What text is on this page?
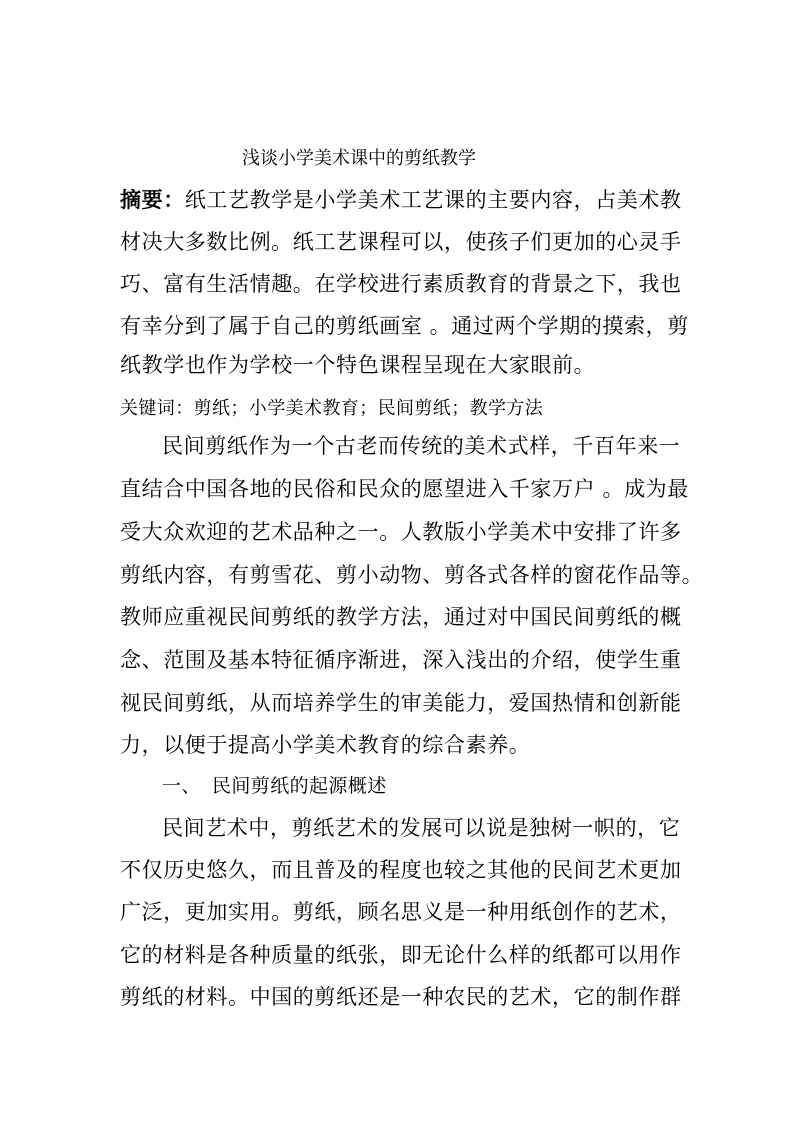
浅谈小学美术课中的剪纸教学
摘要：纸工艺教学是小学美术工艺课的主要内容，占美术教
材决大多数比例。纸工艺课程可以，使孩子们更加的心灵手
巧、富有生活情趣。在学校进行素质教育的背景之下，我也
有幸分到了属于自己的剪纸画室 。通过两个学期的摸索，剪
纸教学也作为学校一个特色课程呈现在大家眼前。
关键词：剪纸；小学美术教育；民间剪纸；教学方法
民间剪纸作为一个古老而传统的美术式样，千百年来一
直结合中国各地的民俗和民众的愿望进入千家万户 。成为最
受大众欢迎的艺术品种之一。人教版小学美术中安排了许多
剪纸内容，有剪雪花、剪小动物、剪各式各样的窗花作品等。
教师应重视民间剪纸的教学方法，通过对中国民间剪纸的概
念、范围及基本特征循序渐进，深入浅出的介绍，使学生重
视民间剪纸，从而培养学生的审美能力，爱国热情和创新能
力，以便于提高小学美术教育的综合素养。
一、 民间剪纸的起源概述
民间艺术中，剪纸艺术的发展可以说是独树一帜的，它
不仅历史悠久，而且普及的程度也较之其他的民间艺术更加
广泛，更加实用。剪纸，顾名思义是一种用纸创作的艺术，
它的材料是各种质量的纸张，即无论什么样的纸都可以用作
剪纸的材料。中国的剪纸还是一种农民的艺术，它的制作群
